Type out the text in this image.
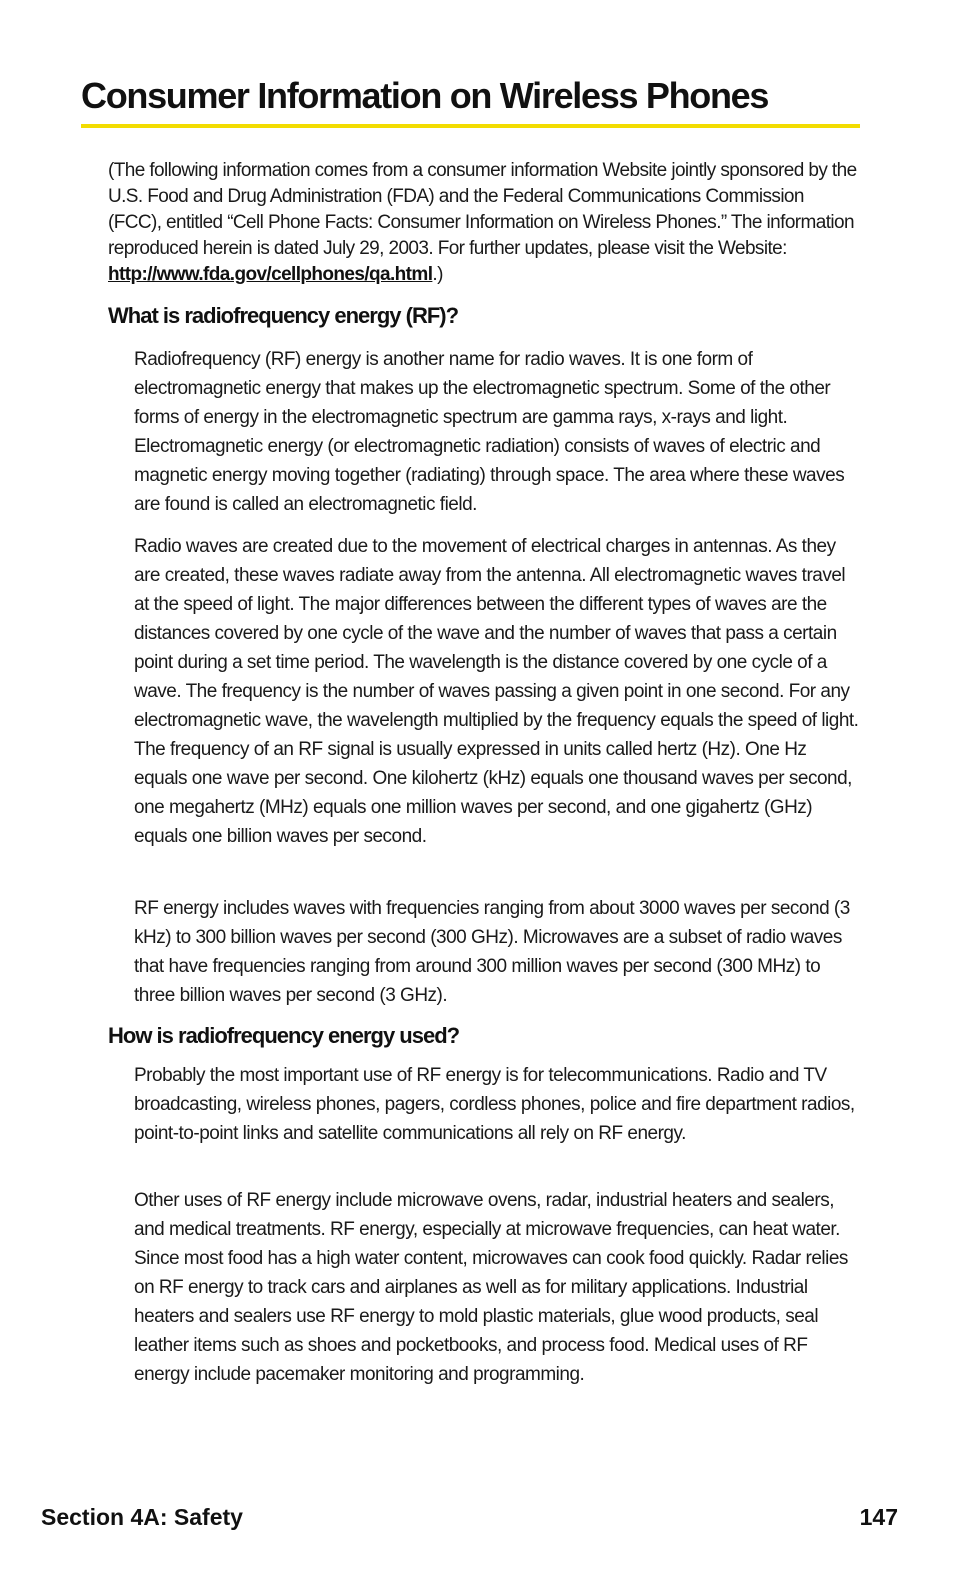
Consumer Information on Wireless Phones

(The following information comes from a consumer information Website jointly sponsored by the U.S. Food and Drug Administration (FDA) and the Federal Communications Commission (FCC), entitled “Cell Phone Facts: Consumer Information on Wireless Phones.” The information reproduced herein is dated July 29, 2003. For further updates, please visit the Website: http://www.fda.gov/cellphones/qa.html.)

What is radiofrequency energy (RF)?

Radiofrequency (RF) energy is another name for radio waves. It is one form of electromagnetic energy that makes up the electromagnetic spectrum. Some of the other forms of energy in the electromagnetic spectrum are gamma rays, x-rays and light. Electromagnetic energy (or electromagnetic radiation) consists of waves of electric and magnetic energy moving together (radiating) through space. The area where these waves are found is called an electromagnetic field.

Radio waves are created due to the movement of electrical charges in antennas. As they are created, these waves radiate away from the antenna. All electromagnetic waves travel at the speed of light. The major differences between the different types of waves are the distances covered by one cycle of the wave and the number of waves that pass a certain point during a set time period. The wavelength is the distance covered by one cycle of a wave. The frequency is the number of waves passing a given point in one second. For any electromagnetic wave, the wavelength multiplied by the frequency equals the speed of light. The frequency of an RF signal is usually expressed in units called hertz (Hz). One Hz equals one wave per second. One kilohertz (kHz) equals one thousand waves per second, one megahertz (MHz) equals one million waves per second, and one gigahertz (GHz) equals one billion waves per second.

RF energy includes waves with frequencies ranging from about 3000 waves per second (3 kHz) to 300 billion waves per second (300 GHz). Microwaves are a subset of radio waves that have frequencies ranging from around 300 million waves per second (300 MHz) to three billion waves per second (3 GHz).

How is radiofrequency energy used?

Probably the most important use of RF energy is for telecommunications. Radio and TV broadcasting, wireless phones, pagers, cordless phones, police and fire department radios, point-to-point links and satellite communications all rely on RF energy.

Other uses of RF energy include microwave ovens, radar, industrial heaters and sealers, and medical treatments. RF energy, especially at microwave frequencies, can heat water. Since most food has a high water content, microwaves can cook food quickly. Radar relies on RF energy to track cars and airplanes as well as for military applications. Industrial heaters and sealers use RF energy to mold plastic materials, glue wood products, seal leather items such as shoes and pocketbooks, and process food. Medical uses of RF energy include pacemaker monitoring and programming.

Section 4A: Safety	147
